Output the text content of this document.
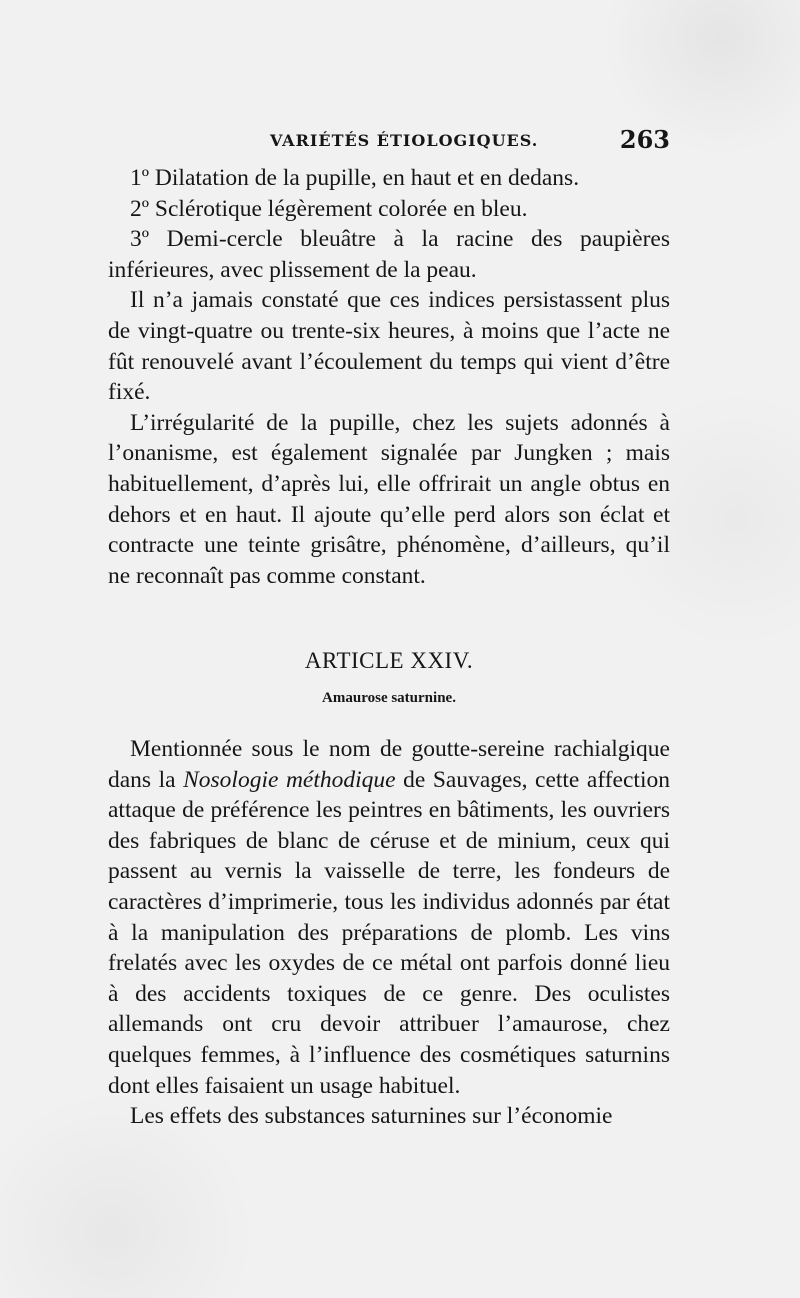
VARIÉTÉS ÉTIOLOGIQUES.	263

1º Dilatation de la pupille, en haut et en dedans.

2º Sclérotique légèrement colorée en bleu.

3º Demi-cercle bleuâtre à la racine des paupières inférieures, avec plissement de la peau.

Il n’a jamais constaté que ces indices persistassent plus de vingt-quatre ou trente-six heures, à moins que l’acte ne fût renouvelé avant l’écoulement du temps qui vient d’être fixé.

L’irrégularité de la pupille, chez les sujets adonnés à l’onanisme, est également signalée par Jungken ; mais habituellement, d’après lui, elle offrirait un angle obtus en dehors et en haut. Il ajoute qu’elle perd alors son éclat et contracte une teinte grisâtre, phénomène, d’ailleurs, qu’il ne reconnaît pas comme constant.

ARTICLE XXIV.
Amaurose saturnine.

Mentionnée sous le nom de goutte-sereine rachialgique dans la Nosologie méthodique de Sauvages, cette affection attaque de préférence les peintres en bâtiments, les ouvriers des fabriques de blanc de céruse et de minium, ceux qui passent au vernis la vaisselle de terre, les fondeurs de caractères d’imprimerie, tous les individus adonnés par état à la manipulation des préparations de plomb. Les vins frelatés avec les oxydes de ce métal ont parfois donné lieu à des accidents toxiques de ce genre. Des oculistes allemands ont cru devoir attribuer l’amaurose, chez quelques femmes, à l’influence des cosmétiques saturnins dont elles faisaient un usage habituel.

Les effets des substances saturnines sur l’économie
